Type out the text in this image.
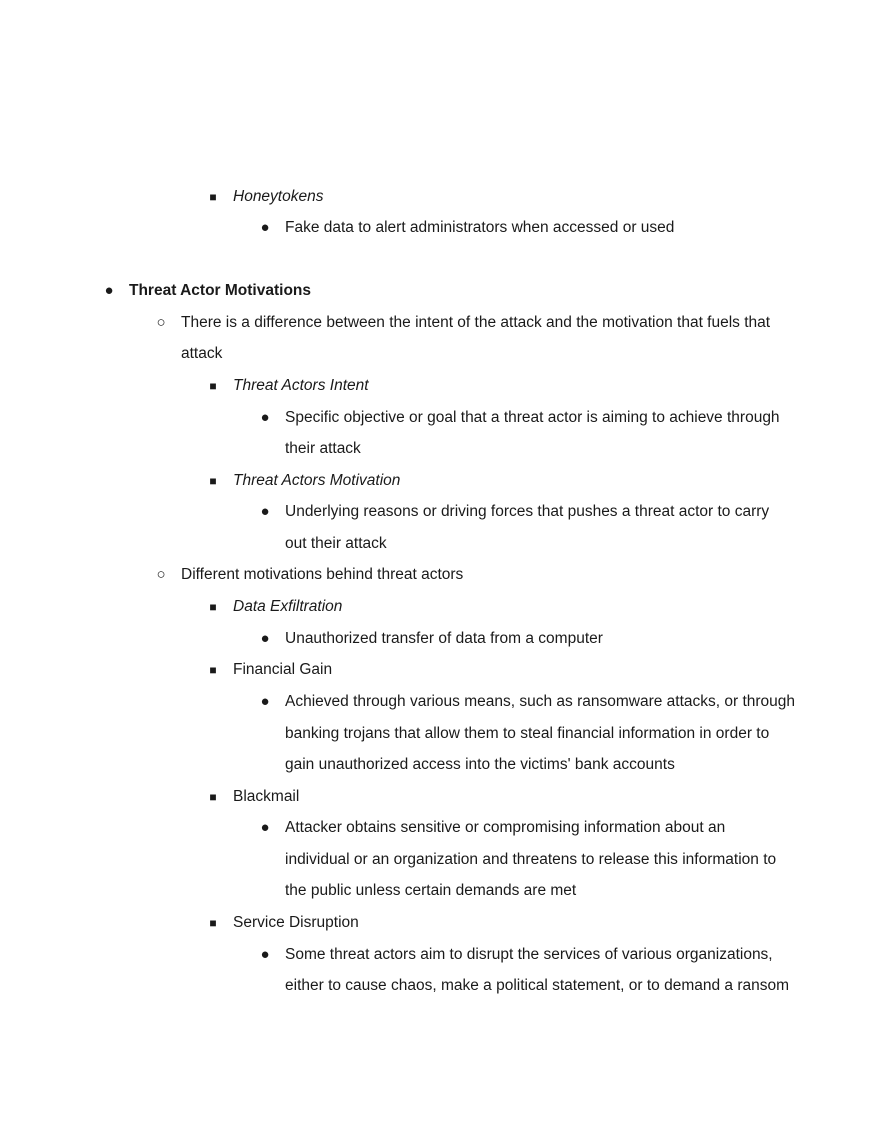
■	Honeytokens
● Fake data to alert administrators when accessed or used
● Threat Actor Motivations
○ There is a difference between the intent of the attack and the motivation that fuels that
attack
■	Threat Actors Intent
● Specific objective or goal that a threat actor is aiming to achieve through
their attack
■	Threat Actors Motivation
● Underlying reasons or driving forces that pushes a threat actor to carry
out their attack
○ Different motivations behind threat actors
■	Data Exfiltration
● Unauthorized transfer of data from a computer
■	Financial Gain
● Achieved through various means, such as ransomware attacks, or through
banking trojans that allow them to steal financial information in order to
gain unauthorized access into the victims' bank accounts
■	Blackmail
● Attacker obtains sensitive or compromising information about an
individual or an organization and threatens to release this information to
the public unless certain demands are met
■	Service Disruption
● Some threat actors aim to disrupt the services of various organizations,
either to cause chaos, make a political statement, or to demand a ransom
